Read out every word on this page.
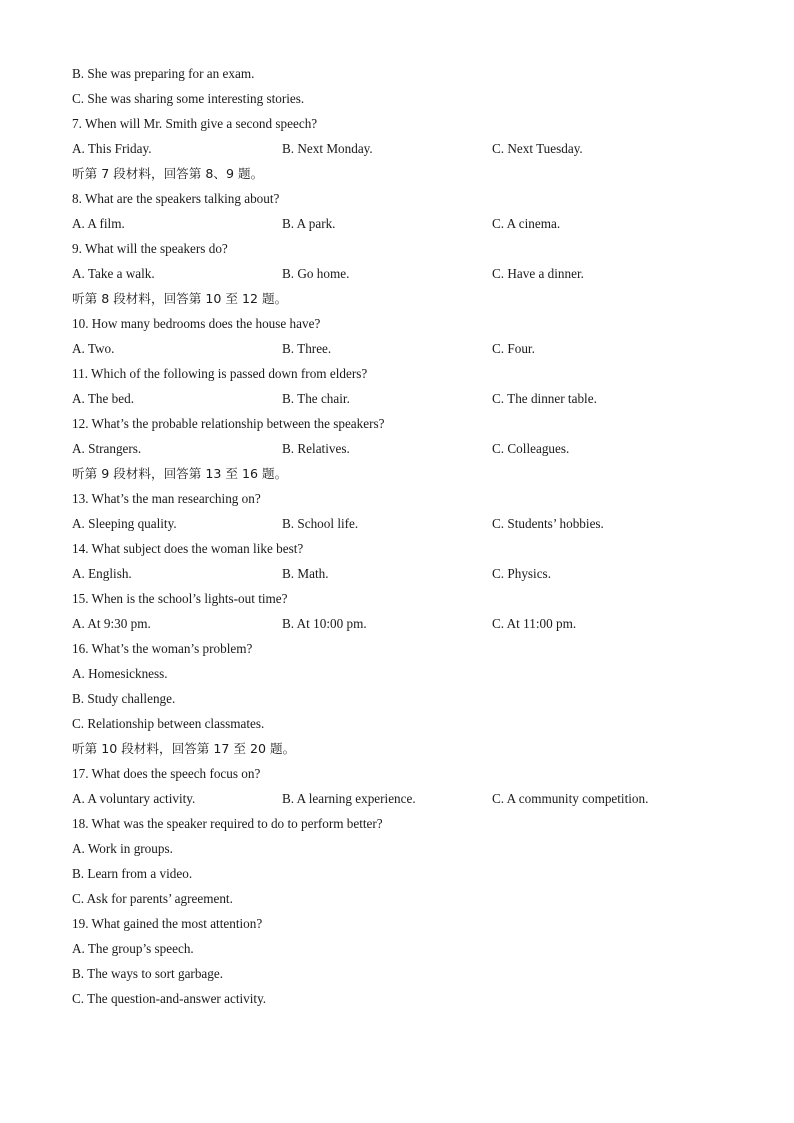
B. She was preparing for an exam.
C. She was sharing some interesting stories.
7. When will Mr. Smith give a second speech?
A. This Friday.	B. Next Monday.	C. Next Tuesday.
听第 7 段材料，回答第 8、9 题。
8. What are the speakers talking about?
A. A film.	B. A park.	C. A cinema.
9. What will the speakers do?
A. Take a walk.	B. Go home.	C. Have a dinner.
听第 8 段材料，回答第 10 至 12 题。
10. How many bedrooms does the house have?
A. Two.	B. Three.	C. Four.
11. Which of the following is passed down from elders?
A. The bed.	B. The chair.	C. The dinner table.
12. What’s the probable relationship between the speakers?
A. Strangers.	B. Relatives.	C. Colleagues.
听第 9 段材料，回答第 13 至 16 题。
13. What’s the man researching on?
A. Sleeping quality.	B. School life.	C. Students’ hobbies.
14. What subject does the woman like best?
A. English.	B. Math.	C. Physics.
15. When is the school’s lights-out time?
A. At 9:30 pm.	B. At 10:00 pm.	C. At 11:00 pm.
16. What’s the woman’s problem?
A. Homesickness.
B. Study challenge.
C. Relationship between classmates.
听第 10 段材料，回答第 17 至 20 题。
17. What does the speech focus on?
A. A voluntary activity.	B. A learning experience.	C. A community competition.
18. What was the speaker required to do to perform better?
A. Work in groups.
B. Learn from a video.
C. Ask for parents’ agreement.
19. What gained the most attention?
A. The group’s speech.
B. The ways to sort garbage.
C. The question-and-answer activity.
